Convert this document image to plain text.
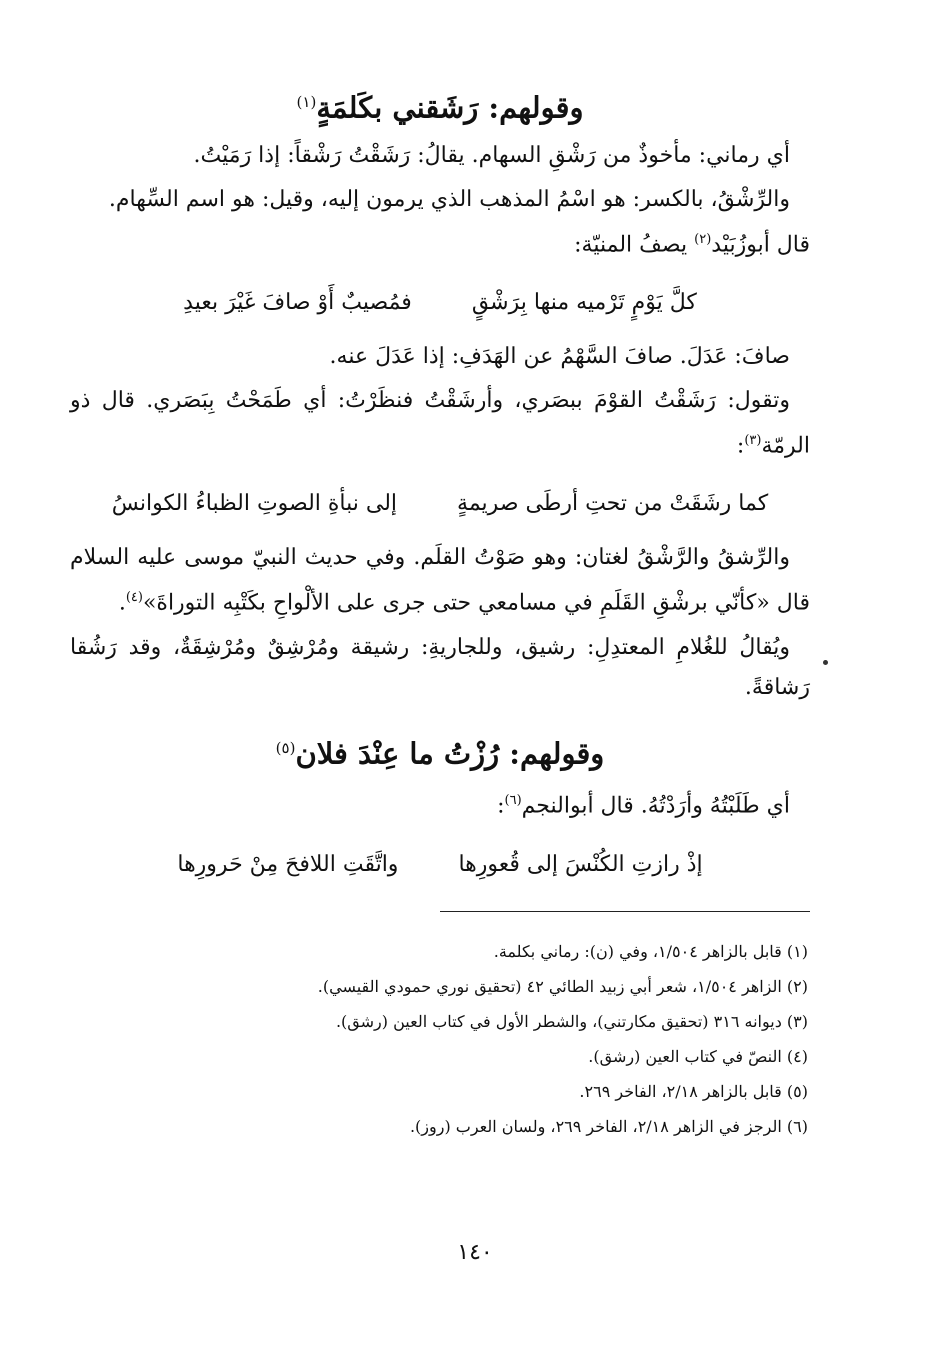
وقولهم: رَشَقني بكَلمَةٍ$^{(١)}$

أي رماني: مأخوذٌ من رَشْقِ السهام. يقالُ: رَشَقْتُ رَشْقاً: إذا رَمَيْتُ.

والرِّشْقُ، بالكسر: هو اسْمُ المذهب الذي يرمون إليه، وقيل: هو اسم السِّهام.
قال أبوزُبَيْد$^{(٢)}$ يصفُ المنيّة:

كلَّ يَوْمٍ تَرْميه منها بِرَشْقٍ
فمُصيبٌ أَوْ صافَ غَيْرَ بعيدِ

صافَ: عَدَلَ. صافَ السَّهْمُ عن الهَدَفِ: إذا عَدَلَ عنه.

وتقول: رَشَقْتُ القوْمَ ببصَري، وأرشَقْتُ فنظَرْتُ: أي طَمَحْتُ بِبَصَري. قال ذو الرمّة$^{(٣)}$:

كما رشَقَتْ من تحتِ أرطَى صريمةٍ
إلى نبأةِ الصوتِ الظباءُ الكوانسُ

والرِّشقُ والرَّشْقُ لغتان: وهو صَوْتُ القلَم. وفي حديث النبيّ موسى عليه السلام قال «كأنّي برشْقِ القَلَمِ في مسامعي حتى جرى على الألْواحِ بكَتْبِه التوراةَ»$^{(٤)}$.

ويُقالُ للغُلامِ المعتدِلِ: رشيق، وللجاريةِ: رشيقة ومُرْشِقٌ ومُرْشِقَةٌ، وقد رَشُقا رَشاقةً.

وقولهم: رُزْتُ ما عِنْدَ فلان$^{(٥)}$

أي طَلَبْتُهُ وأرَدْتُهُ. قال أبوالنجم$^{(٦)}$:

إذْ رازتِ الكُنْسَ إلى قُعورِها
واتَّقَتِ اللافحَ مِنْ حَرورِها
(١) قابل بالزاهر ١/٥٠٤، وفي (ن): رماني بكلمة.
(٢) الزاهر ١/٥٠٤، شعر أبي زبيد الطائي ٤٢ (تحقيق نوري حمودي القيسي).
(٣) ديوانه ٣١٦ (تحقيق مكارتني)، والشطر الأول في كتاب العين (رشق).
(٤) النصّ في كتاب العين (رشق).
(٥) قابل بالزاهر ٢/١٨، الفاخر ٢٦٩.
(٦) الرجز في الزاهر ٢/١٨، الفاخر ٢٦٩، ولسان العرب (روز).
١٤٠
